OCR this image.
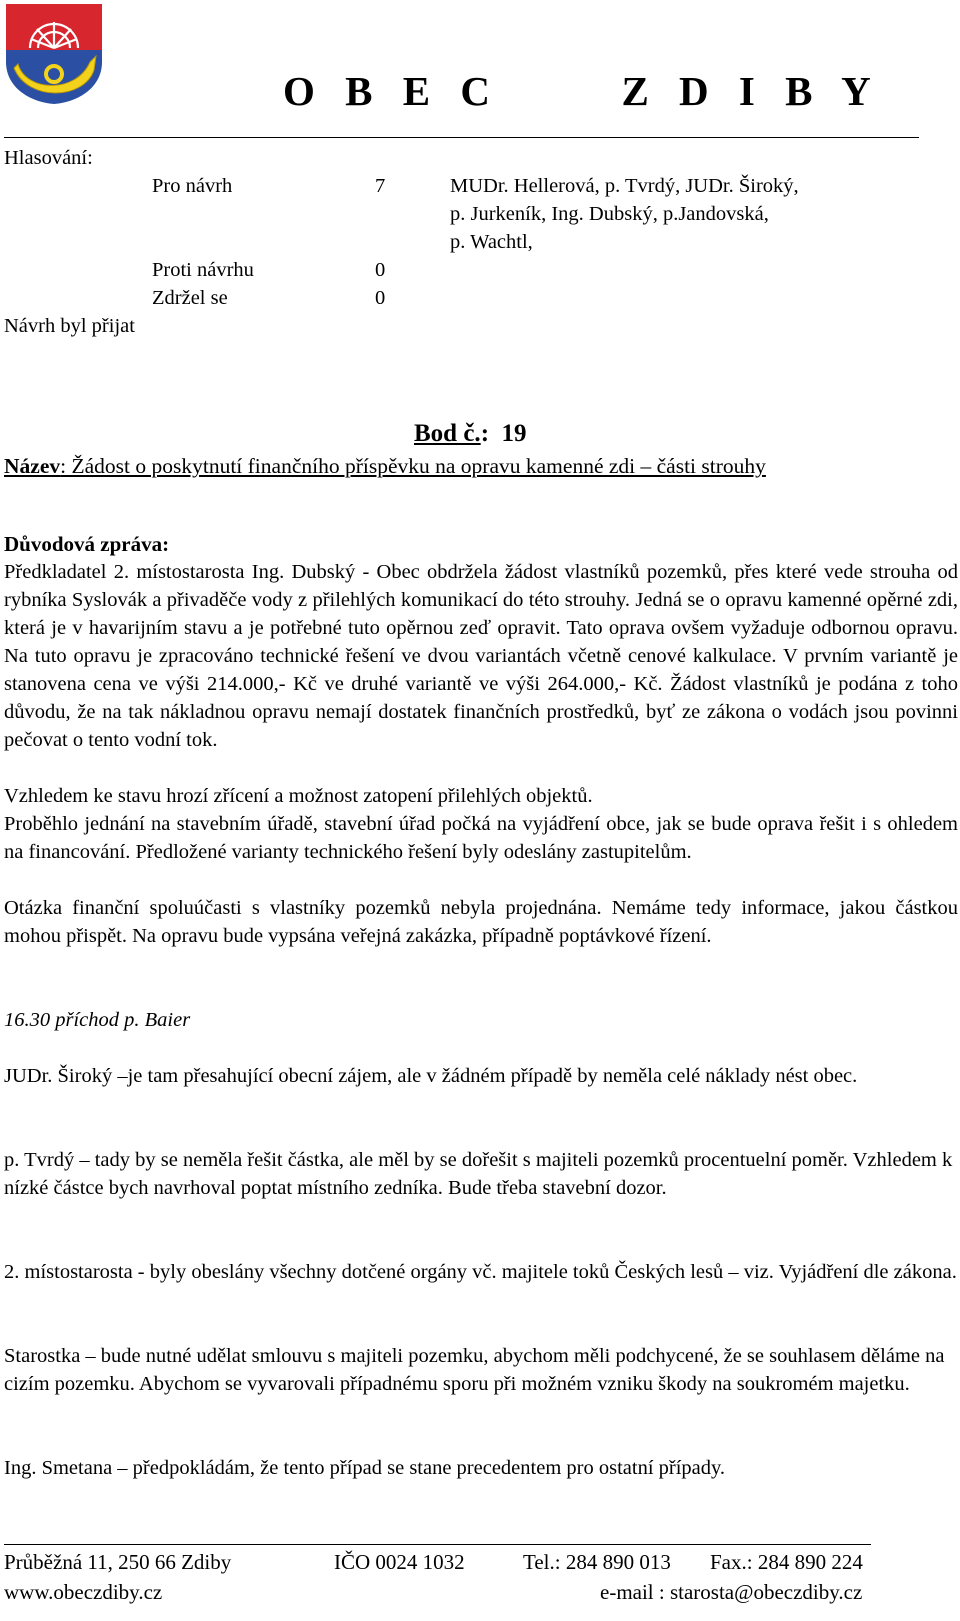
O B E C      Z D I B Y
Hlasování:
Pro návrh	7	MUDr. Hellerová, p. Tvrdý, JUDr. Široký,
p. Jurkeník, Ing. Dubský, p.Jandovská,
p. Wachtl,
Proti návrhu	0
Zdržel se	0
Návrh byl přijat
Bod č.:  19
Název: Žádost o poskytnutí finančního příspěvku na opravu kamenné zdi – části strouhy
Důvodová zpráva:
Předkladatel 2. místostarosta Ing. Dubský - Obec obdržela žádost vlastníků pozemků, přes které vede strouha od rybníka Syslovák a přivaděče vody z přilehlých komunikací do této strouhy. Jedná se o opravu kamenné opěrné zdi, která je v havarijním stavu a je potřebné tuto opěrnou zeď opravit. Tato oprava ovšem vyžaduje odbornou opravu. Na tuto opravu je zpracováno technické řešení ve dvou variantách včetně cenové kalkulace. V prvním variantě je stanovena cena ve výši 214.000,- Kč ve druhé variantě ve výši 264.000,- Kč. Žádost vlastníků je podána z toho důvodu, že na tak nákladnou opravu nemají dostatek finančních prostředků, byť ze zákona o vodách jsou povinni pečovat o tento vodní tok.
Vzhledem ke stavu hrozí zřícení a možnost zatopení přilehlých objektů.
Proběhlo jednání na stavebním úřadě, stavební úřad počká na vyjádření obce, jak se bude oprava řešit i s ohledem na financování. Předložené varianty technického řešení byly odeslány zastupitelům.
Otázka finanční spoluúčasti s vlastníky pozemků nebyla projednána. Nemáme tedy informace, jakou částkou mohou přispět. Na opravu bude vypsána veřejná zakázka, případně poptávkové řízení.
16.30 příchod p. Baier
JUDr. Široký –je tam přesahující obecní zájem, ale v žádném případě by neměla celé náklady nést obec.
p. Tvrdý – tady by se neměla řešit částka, ale měl by se dořešit s majiteli pozemků procentuelní poměr. Vzhledem k nízké částce bych navrhoval poptat místního zedníka. Bude třeba stavební dozor.
2. místostarosta - byly obeslány všechny dotčené orgány vč. majitele toků Českých lesů – viz. Vyjádření dle zákona.
Starostka – bude nutné udělat smlouvu s majiteli pozemku, abychom měli podchycené, že se souhlasem děláme na cizím pozemku. Abychom se vyvarovali případnému sporu při možném vzniku škody na soukromém majetku.
Ing. Smetana – předpokládám, že tento případ se stane precedentem pro ostatní případy.
Průběžná 11, 250 66 Zdiby	IČO 0024 1032	Tel.: 284 890 013 Fax.: 284 890 224
www.obeczdiby.cz	e-mail : starosta@obeczdiby.cz
